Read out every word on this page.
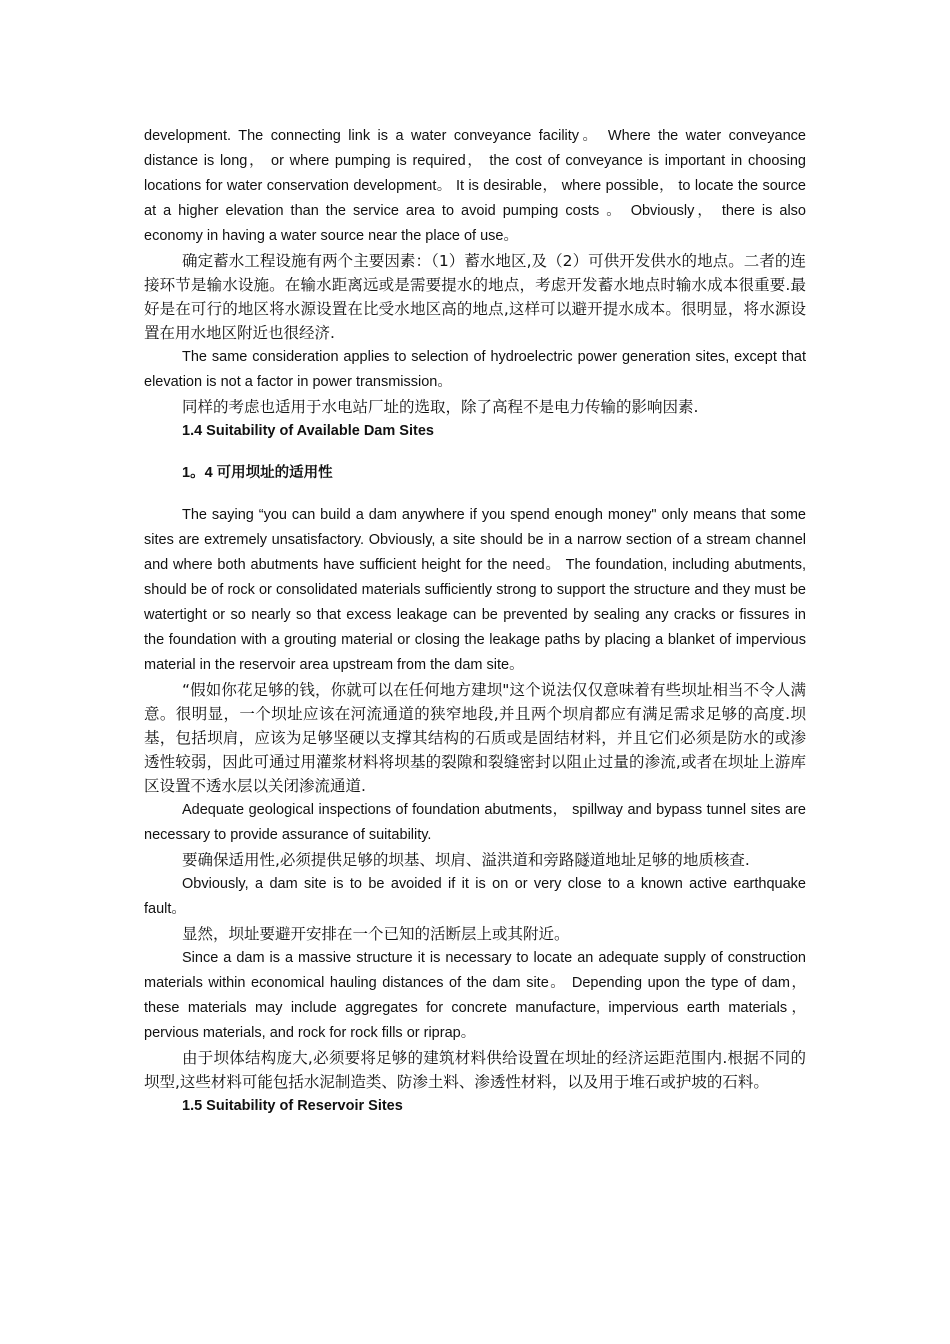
development. The connecting link is a water conveyance facility。 Where the water conveyance distance is long， or where pumping is required， the cost of conveyance is important in choosing locations for water conservation development。 It is desirable， where possible， to locate the source at a higher elevation than the service area to avoid pumping costs 。 Obviously， there is also economy in having a water source near the place of use。

确定蓄水工程设施有两个主要因素：（1）蓄水地区,及（2）可供开发供水的地点。二者的连接环节是输水设施。在输水距离远或是需要提水的地点，考虑开发蓄水地点时输水成本很重要.最好是在可行的地区将水源设置在比受水地区高的地点,这样可以避开提水成本。很明显，将水源设置在用水地区附近也很经济.

The same consideration applies to selection of hydroelectric power generation sites, except that elevation is not a factor in power transmission。

同样的考虑也适用于水电站厂址的选取，除了高程不是电力传输的影响因素.

1.4 Suitability of Available Dam Sites

1。4 可用坝址的适用性

The saying “you can build a dam anywhere if you spend enough money" only means that some sites are extremely unsatisfactory. Obviously, a site should be in a narrow section of a stream channel and where both abutments have sufficient height for the need。 The foundation, including abutments, should be of rock or consolidated materials sufficiently strong to support the structure and they must be watertight or so nearly so that excess leakage can be prevented by sealing any cracks or fissures in the foundation with a grouting material or closing the leakage paths by placing a blanket of impervious material in the reservoir area upstream from the dam site。

“假如你花足够的钱，你就可以在任何地方建坝"这个说法仅仅意味着有些坝址相当不令人满意。很明显，一个坝址应该在河流通道的狭窄地段,并且两个坝肩都应有满足需求足够的高度.坝基，包括坝肩，应该为足够坚硬以支撑其结构的石质或是固结材料，并且它们必须是防水的或渗透性较弱，因此可通过用灌浆材料将坝基的裂隙和裂缝密封以阻止过量的渗流,或者在坝址上游库区设置不透水层以关闭渗流通道.

Adequate geological inspections of foundation abutments， spillway and bypass tunnel sites are necessary to provide assurance of suitability.

要确保适用性,必须提供足够的坝基、坝肩、溢洪道和旁路隧道地址足够的地质核查.

Obviously, a dam site is to be avoided if it is on or very close to a known active earthquake fault。

显然，坝址要避开安排在一个已知的活断层上或其附近。

Since a dam is a massive structure it is necessary to locate an adequate supply of construction materials within economical hauling distances of the dam site。 Depending upon the type of dam， these materials may include aggregates for concrete manufacture, impervious earth materials， pervious materials, and rock for rock fills or riprap。

由于坝体结构庞大,必须要将足够的建筑材料供给设置在坝址的经济运距范围内.根据不同的坝型,这些材料可能包括水泥制造类、防渗土料、渗透性材料，以及用于堆石或护坡的石料。

1.5 Suitability of Reservoir Sites
